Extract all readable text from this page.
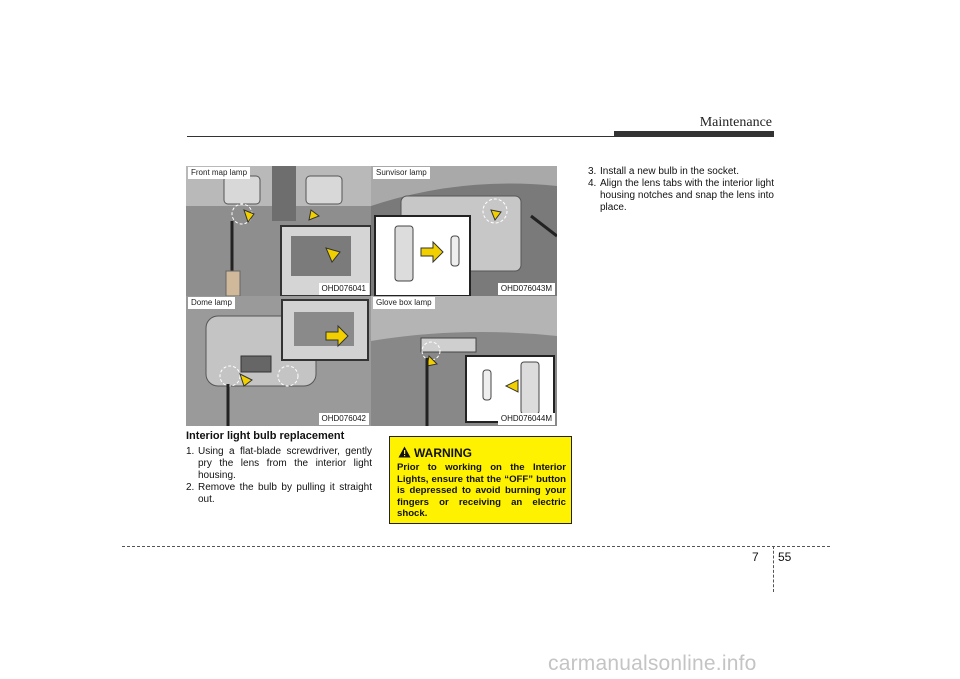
Maintenance
Front map lamp
OHD076041
Sunvisor lamp
OHD076043M
Dome lamp
OHD076042
Glove box lamp
OHD076044M
Interior light bulb replacement
1. Using a flat-blade screwdriver, gently pry the lens from the interior light housing.
2. Remove the bulb by pulling it straight out.
3. Install a new bulb in the socket.
4. Align the lens tabs with the interior light housing notches and snap the lens into place.
WARNING
Prior to working on the Interior Lights, ensure that the “OFF” button is depressed to avoid burning your fingers or receiving an electric shock.
7 55
carmanualsonline.info
